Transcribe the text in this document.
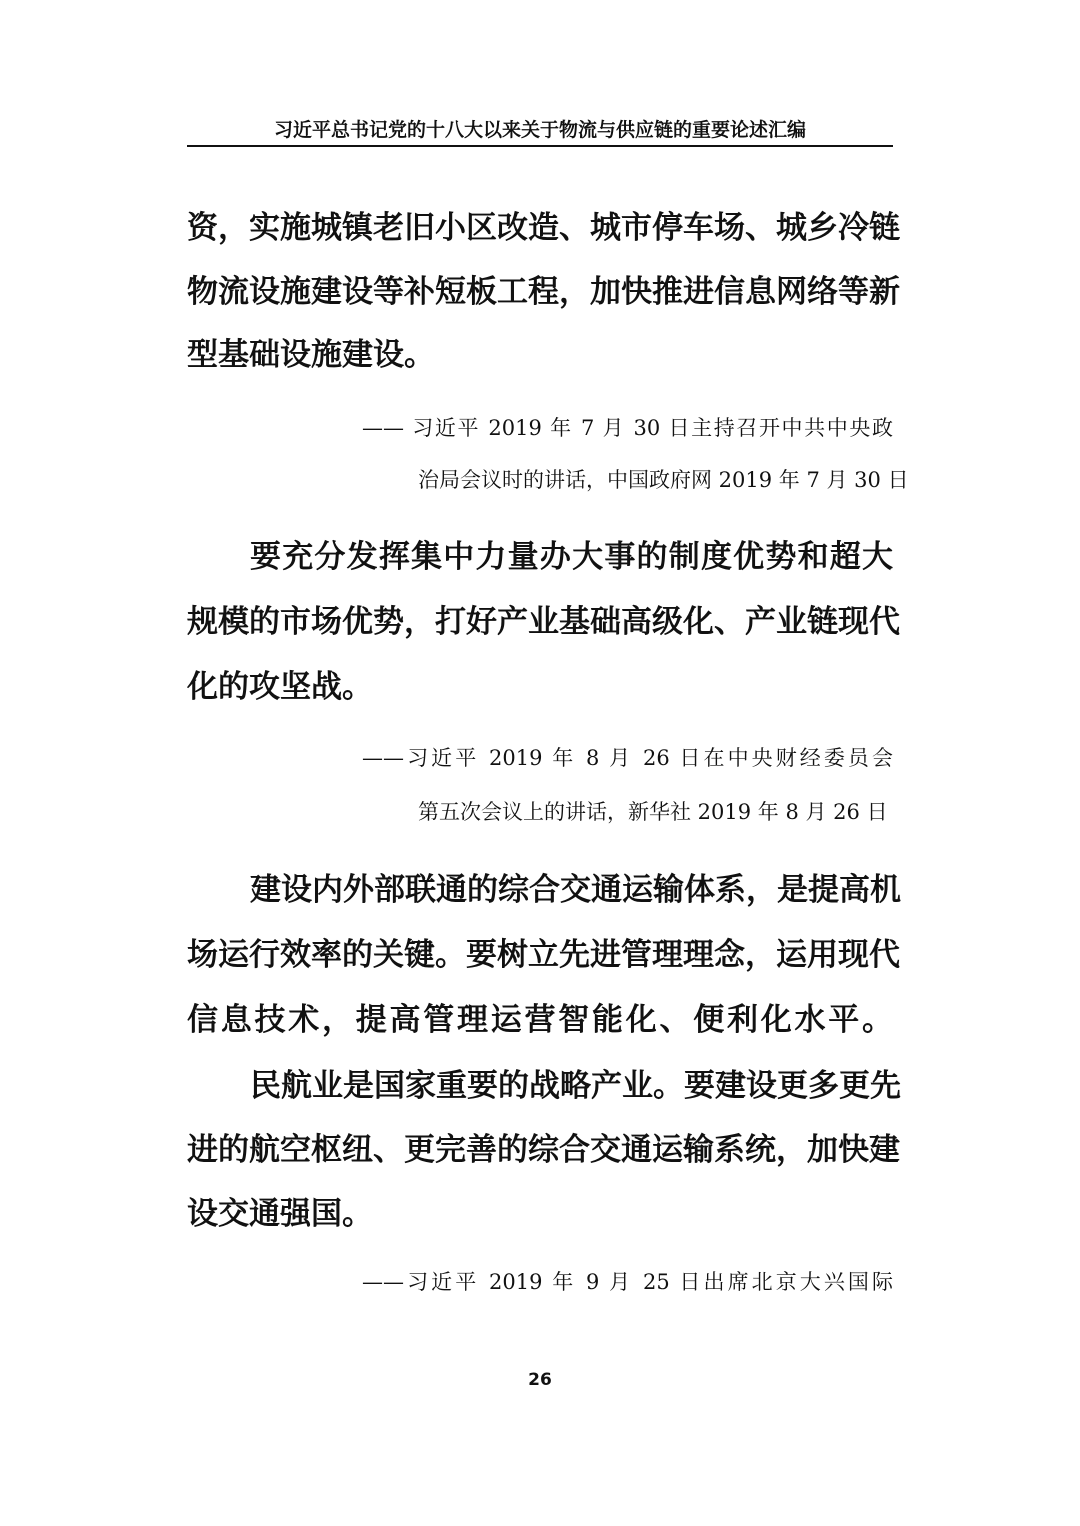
习近平总书记党的十八大以来关于物流与供应链的重要论述汇编
资，实施城镇老旧小区改造、城市停车场、城乡冷链
物流设施建设等补短板工程，加快推进信息网络等新
型基础设施建设。
—— 习近平 2019 年 7 月 30 日主持召开中共中央政
治局会议时的讲话，中国政府网 2019 年 7 月 30 日
要充分发挥集中力量办大事的制度优势和超大
规模的市场优势，打好产业基础高级化、产业链现代
化的攻坚战。
——习近平 2019 年 8 月 26 日在中央财经委员会
第五次会议上的讲话，新华社 2019 年 8 月 26 日
建设内外部联通的综合交通运输体系，是提高机
场运行效率的关键。要树立先进管理理念，运用现代
信息技术，提高管理运营智能化、便利化水平。
民航业是国家重要的战略产业。要建设更多更先
进的航空枢纽、更完善的综合交通运输系统，加快建
设交通强国。
——习近平 2019 年 9 月 25 日出席北京大兴国际
26
